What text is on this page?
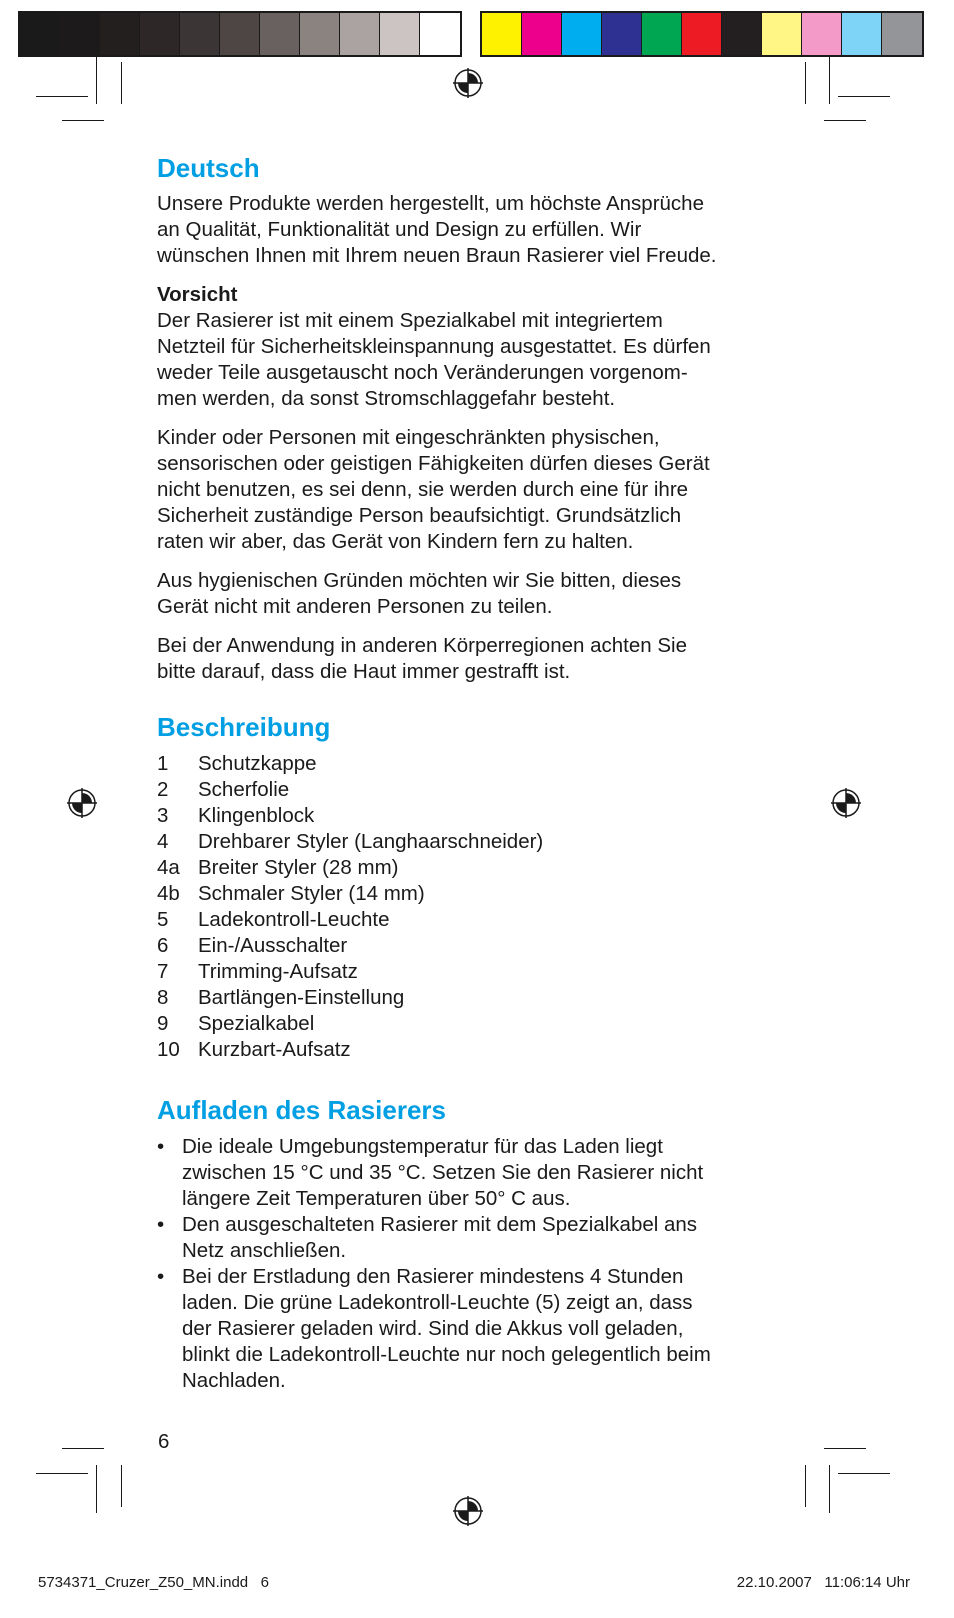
Deutsch

Unsere Produkte werden hergestellt, um höchste Ansprüche
an Qualität, Funktionalität und Design zu erfüllen. Wir
wünschen Ihnen mit Ihrem neuen Braun Rasierer viel Freude.

Vorsicht

Der Rasierer ist mit einem Spezialkabel mit integriertem
Netzteil für Sicherheitskleinspannung ausgestattet. Es dürfen
weder Teile ausgetauscht noch Veränderungen vorgenom-
men werden, da sonst Stromschlaggefahr besteht.

Kinder oder Personen mit eingeschränkten physischen,
sensorischen oder geistigen Fähigkeiten dürfen dieses Gerät
nicht benutzen, es sei denn, sie werden durch eine für ihre
Sicherheit zuständige Person beaufsichtigt. Grundsätzlich
raten wir aber, das Gerät von Kindern fern zu halten.

Aus hygienischen Gründen möchten wir Sie bitten, dieses
Gerät nicht mit anderen Personen zu teilen.

Bei der Anwendung in anderen Körperregionen achten Sie
bitte darauf, dass die Haut immer gestrafft ist.

Beschreibung
1	Schutzkappe
2	Scherfolie
3	Klingenblock
4	Drehbarer Styler (Langhaarschneider)
4a Breiter Styler (28 mm)
4b Schmaler Styler (14 mm)
5	Ladekontroll-Leuchte
6	Ein-/Ausschalter
7	Trimming-Aufsatz
8	Bartlängen-Einstellung
9	Spezialkabel
10 Kurzbart-Aufsatz
Aufladen des Rasierers
• Die ideale Umgebungstemperatur für das Laden liegt
zwischen 15 °C und 35 °C. Setzen Sie den Rasierer nicht
längere Zeit Temperaturen über 50° C aus.
• Den ausgeschalteten Rasierer mit dem Spezialkabel ans
Netz anschließen.
• Bei der Erstladung den Rasierer mindestens 4 Stunden
laden. Die grüne Ladekontroll-Leuchte (5) zeigt an, dass
der Rasierer geladen wird. Sind die Akkus voll geladen,
blinkt die Ladekontroll-Leuchte nur noch gelegentlich beim
Nachladen.
6
5734371_Cruzer_Z50_MN.indd   6	22.10.2007   11:06:14 Uhr
